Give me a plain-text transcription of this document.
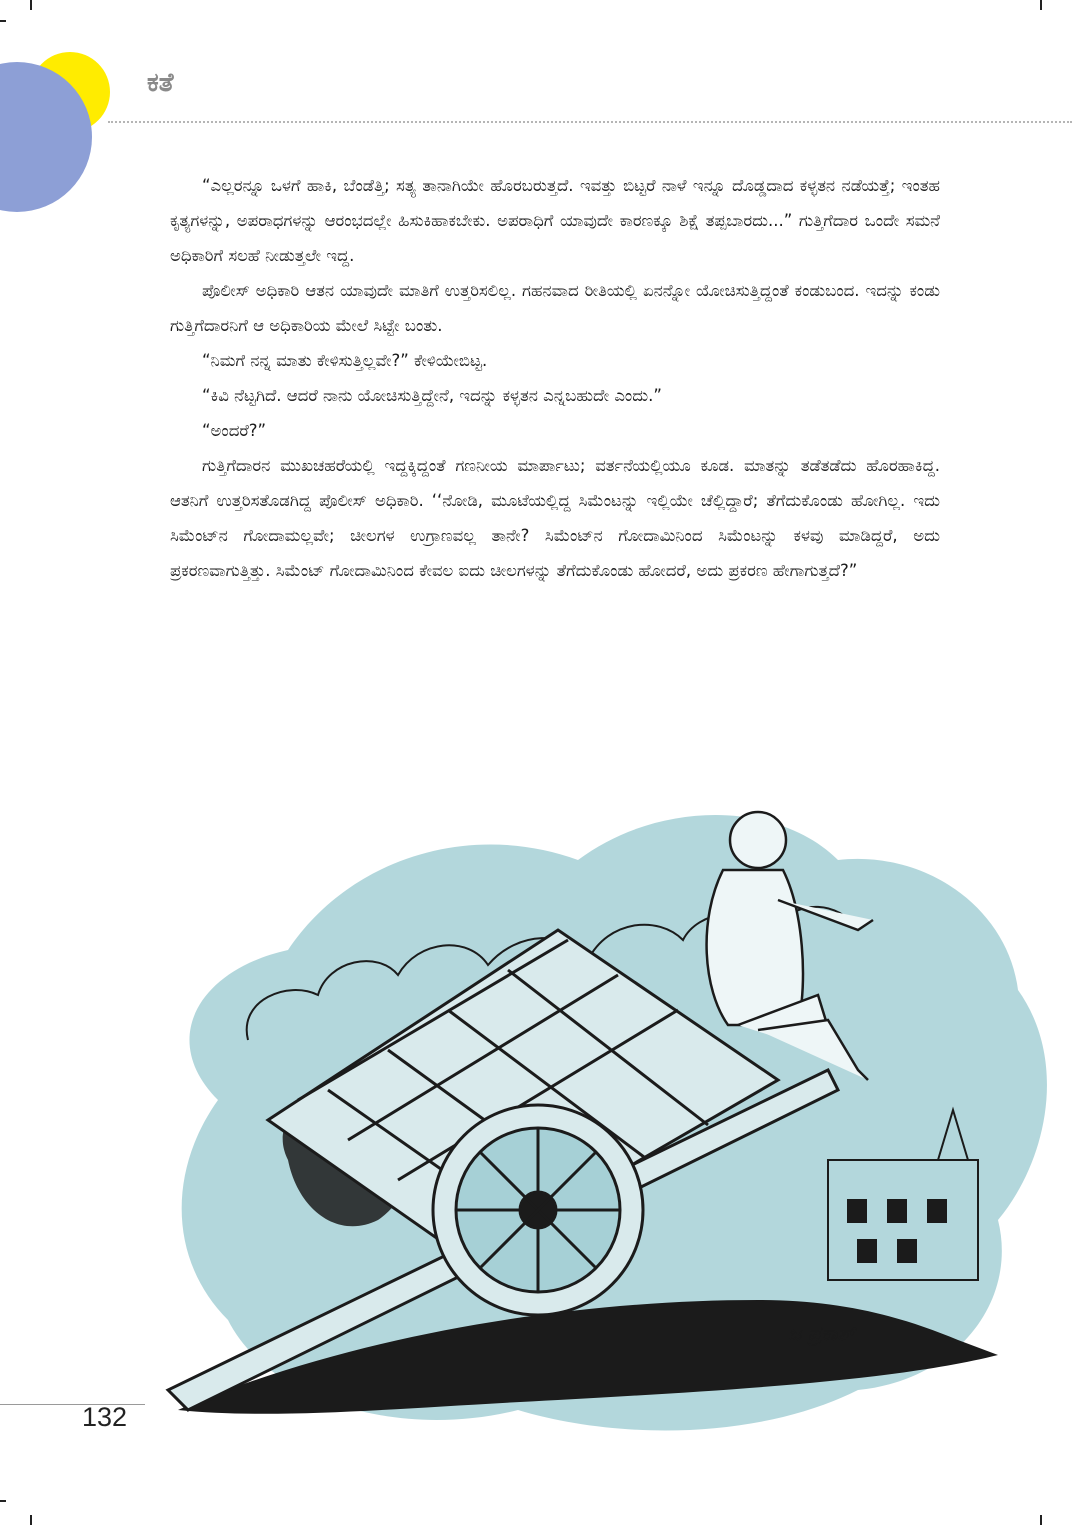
ಕತೆ

“ಎಲ್ಲರನ್ನೂ ಒಳಗೆ ಹಾಕಿ, ಬೆಂಡೆತ್ತಿ; ಸತ್ಯ ತಾನಾಗಿಯೇ ಹೊರಬರುತ್ತದೆ. ಇವತ್ತು ಬಿಟ್ಟರೆ ನಾಳೆ ಇನ್ನೂ ದೊಡ್ಡದಾದ ಕಳ್ಳತನ ನಡೆಯತ್ತೆ; ಇಂತಹ ಕೃತ್ಯಗಳನ್ನು, ಅಪರಾಧಗಳನ್ನು ಆರಂಭದಲ್ಲೇ ಹಿಸುಕಿಹಾಕಬೇಕು. ಅಪರಾಧಿಗೆ ಯಾವುದೇ ಕಾರಣಕ್ಕೂ ಶಿಕ್ಷೆ ತಪ್ಪಬಾರದು...” ಗುತ್ತಿಗೆದಾರ ಒಂದೇ ಸಮನೆ ಅಧಿಕಾರಿಗೆ ಸಲಹೆ ನೀಡುತ್ತಲೇ ಇದ್ದ.

ಪೊಲೀಸ್ ಅಧಿಕಾರಿ ಆತನ ಯಾವುದೇ ಮಾತಿಗೆ ಉತ್ತರಿಸಲಿಲ್ಲ. ಗಹನವಾದ ರೀತಿಯಲ್ಲಿ ಏನನ್ನೋ ಯೋಚಿಸುತ್ತಿದ್ದಂತೆ ಕಂಡುಬಂದ. ಇದನ್ನು ಕಂಡು ಗುತ್ತಿಗೆದಾರನಿಗೆ ಆ ಅಧಿಕಾರಿಯ ಮೇಲೆ ಸಿಟ್ಟೇ ಬಂತು.

“ನಿಮಗೆ ನನ್ನ ಮಾತು ಕೇಳಿಸುತ್ತಿಲ್ಲವೇ?” ಕೇಳಿಯೇಬಿಟ್ಟ.

“ಕಿವಿ ನೆಟ್ಟಗಿದೆ. ಆದರೆ ನಾನು ಯೋಚಿಸುತ್ತಿದ್ದೇನೆ, ಇದನ್ನು ಕಳ್ಳತನ ಎನ್ನಬಹುದೇ ಎಂದು.”

“ಅಂದರೆ?”

ಗುತ್ತಿಗೆದಾರನ ಮುಖಚಹರೆಯಲ್ಲಿ ಇದ್ದಕ್ಕಿದ್ದಂತೆ ಗಣನೀಯ ಮಾರ್ಪಾಟು; ವರ್ತನೆಯಲ್ಲಿಯೂ ಕೂಡ. ಮಾತನ್ನು ತಡೆತಡೆದು ಹೊರಹಾಕಿದ್ದ. ಆತನಿಗೆ ಉತ್ತರಿಸತೊಡಗಿದ್ದ ಪೊಲೀಸ್ ಅಧಿಕಾರಿ. ‘‘ನೋಡಿ, ಮೂಟೆಯಲ್ಲಿದ್ದ ಸಿಮೆಂಟನ್ನು ಇಲ್ಲಿಯೇ ಚೆಲ್ಲಿದ್ದಾರೆ; ತೆಗೆದುಕೊಂಡು ಹೋಗಿಲ್ಲ. ಇದು ಸಿಮೆಂಟ್‌ನ ಗೋದಾಮಲ್ಲವೇ; ಚೀಲಗಳ ಉಗ್ರಾಣವಲ್ಲ ತಾನೇ? ಸಿಮೆಂಟ್‌ನ ಗೋದಾಮಿನಿಂದ ಸಿಮೆಂಟನ್ನು ಕಳವು ಮಾಡಿದ್ದರೆ, ಅದು ಪ್ರಕರಣವಾಗುತ್ತಿತ್ತು. ಸಿಮೆಂಟ್ ಗೋದಾಮಿನಿಂದ ಕೇವಲ ಐದು ಚೀಲಗಳನ್ನು ತೆಗೆದುಕೊಂಡು ಹೋದರೆ, ಅದು ಪ್ರಕರಣ ಹೇಗಾಗುತ್ತದೆ?”

ಜ ಪ್ರಕಾಶ್
132
